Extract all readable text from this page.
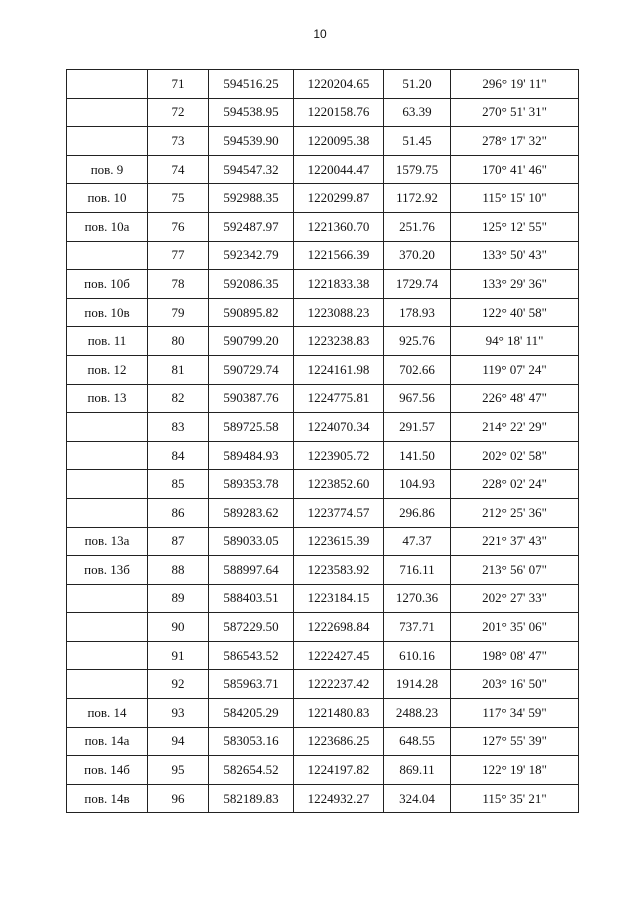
10
	71	594516.25	1220204.65	51.20	296° 19' 11"
	72	594538.95	1220158.76	63.39	270° 51' 31"
	73	594539.90	1220095.38	51.45	278° 17' 32"
пов. 9	74	594547.32	1220044.47	1579.75	170° 41' 46"
пов. 10	75	592988.35	1220299.87	1172.92	115° 15' 10"
пов. 10а	76	592487.97	1221360.70	251.76	125° 12' 55"
	77	592342.79	1221566.39	370.20	133° 50' 43"
пов. 10б	78	592086.35	1221833.38	1729.74	133° 29' 36"
пов. 10в	79	590895.82	1223088.23	178.93	122° 40' 58"
пов. 11	80	590799.20	1223238.83	925.76	94° 18' 11"
пов. 12	81	590729.74	1224161.98	702.66	119° 07' 24"
пов. 13	82	590387.76	1224775.81	967.56	226° 48' 47"
	83	589725.58	1224070.34	291.57	214° 22' 29"
	84	589484.93	1223905.72	141.50	202° 02' 58"
	85	589353.78	1223852.60	104.93	228° 02' 24"
	86	589283.62	1223774.57	296.86	212° 25' 36"
пов. 13а	87	589033.05	1223615.39	47.37	221° 37' 43"
пов. 13б	88	588997.64	1223583.92	716.11	213° 56' 07"
	89	588403.51	1223184.15	1270.36	202° 27' 33"
	90	587229.50	1222698.84	737.71	201° 35' 06"
	91	586543.52	1222427.45	610.16	198° 08' 47"
	92	585963.71	1222237.42	1914.28	203° 16' 50"
пов. 14	93	584205.29	1221480.83	2488.23	117° 34' 59"
пов. 14а	94	583053.16	1223686.25	648.55	127° 55' 39"
пов. 14б	95	582654.52	1224197.82	869.11	122° 19' 18"
пов. 14в	96	582189.83	1224932.27	324.04	115° 35' 21"
